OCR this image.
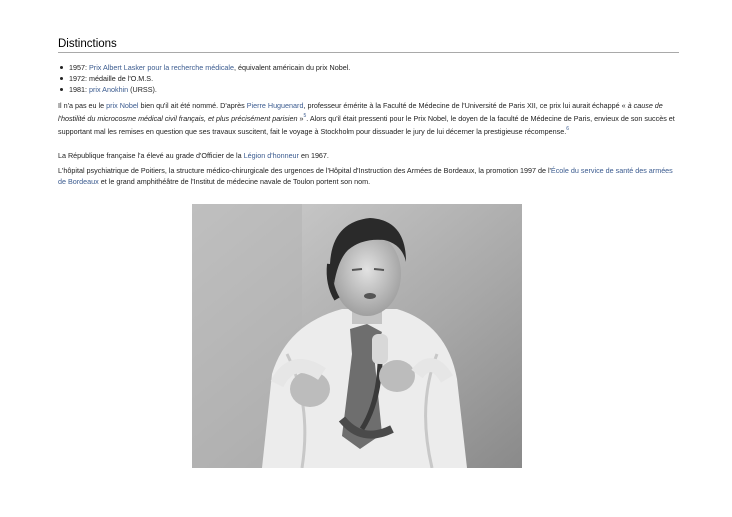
Distinctions
1957: Prix Albert Lasker pour la recherche médicale, équivalent américain du prix Nobel.
1972: médaille de l'O.M.S.
1981: prix Anokhin (URSS).

Il n'a pas eu le prix Nobel bien qu'il ait été nommé. D'après Pierre Huguenard, professeur émérite à la Faculté de Médecine de l'Université de Paris XII, ce prix lui aurait échappé « à cause de l'hostilité du microcosme médical civil français, et plus précisément parisien »$^5$. Alors qu'il était pressenti pour le Prix Nobel, le doyen de la faculté de Médecine de Paris, envieux de son succès et supportant mal les remises en question que ses travaux suscitent, fait le voyage à Stockholm pour dissuader le jury de lui décerner la prestigieuse récompense.$^6$

La République française l'a élevé au grade d'Officier de la Légion d'honneur en 1967.

L'hôpital psychiatrique de Poitiers, la structure médico-chirurgicale des urgences de l'Hôpital d'Instruction des Armées de Bordeaux, la promotion 1997 de l'École du service de santé des armées de Bordeaux et le grand amphithéâtre de l'Institut de médecine navale de Toulon portent son nom.
